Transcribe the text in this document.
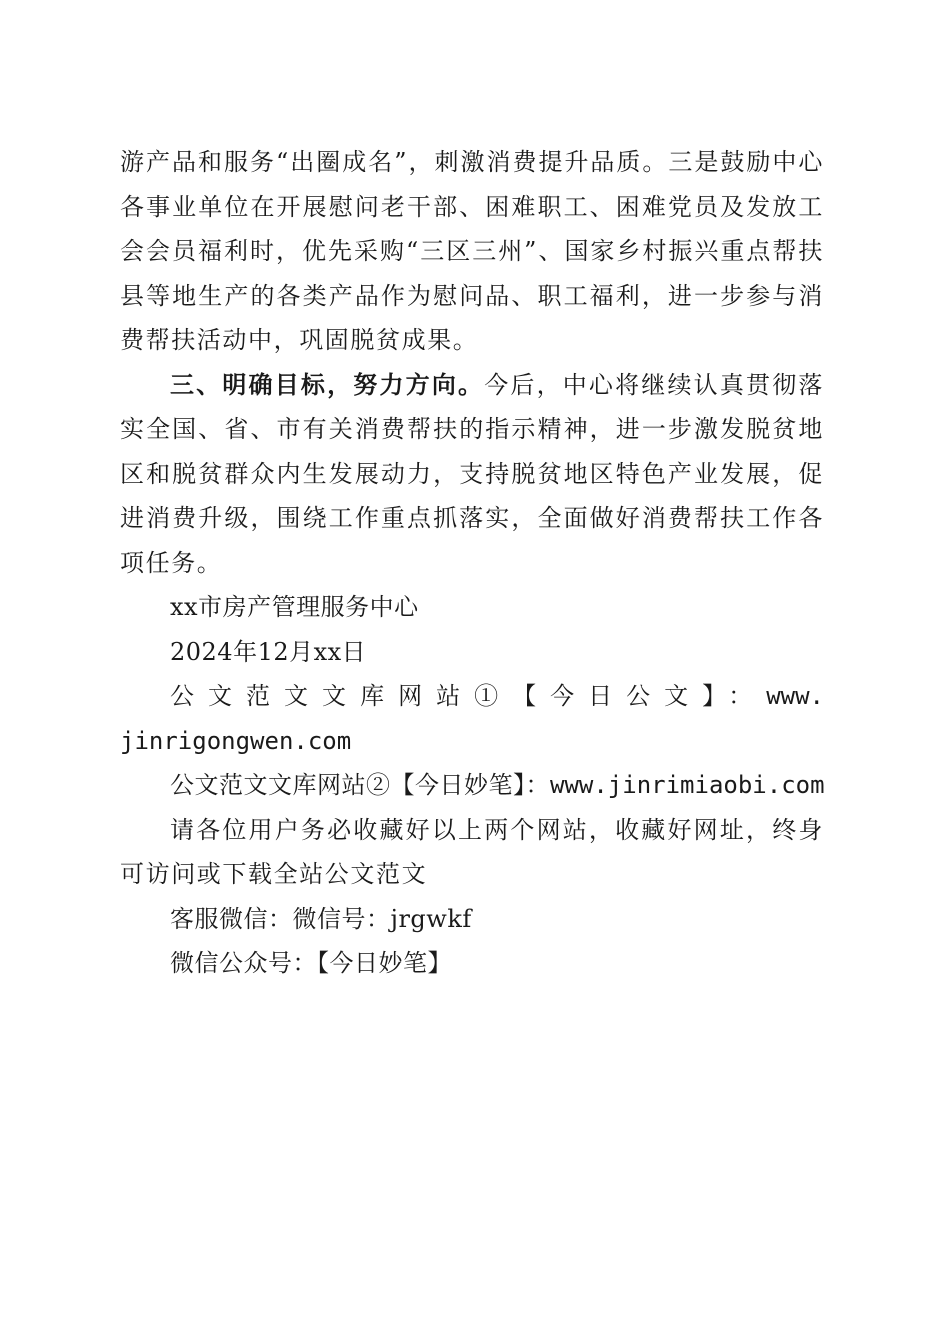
游产品和服务“出圈成名”，刺激消费提升品质。三是鼓励中心各事业单位在开展慰问老干部、困难职工、困难党员及发放工会会员福利时，优先采购“三区三州”、国家乡村振兴重点帮扶县等地生产的各类产品作为慰问品、职工福利，进一步参与消费帮扶活动中，巩固脱贫成果。

三、明确目标，努力方向。今后，中心将继续认真贯彻落实全国、省、市有关消费帮扶的指示精神，进一步激发脱贫地区和脱贫群众内生发展动力，支持脱贫地区特色产业发展，促进消费升级，围绕工作重点抓落实，全面做好消费帮扶工作各项任务。

xx市房产管理服务中心

2024年12月xx日

公文范文文库网站①【今日公文】：www.jinrigongwen.com

公文范文文库网站②【今日妙笔】：www.jinrimiaobi.com

请各位用户务必收藏好以上两个网站，收藏好网址，终身可访问或下载全站公文范文

客服微信：微信号：jrgwkf

微信公众号：【今日妙笔】
